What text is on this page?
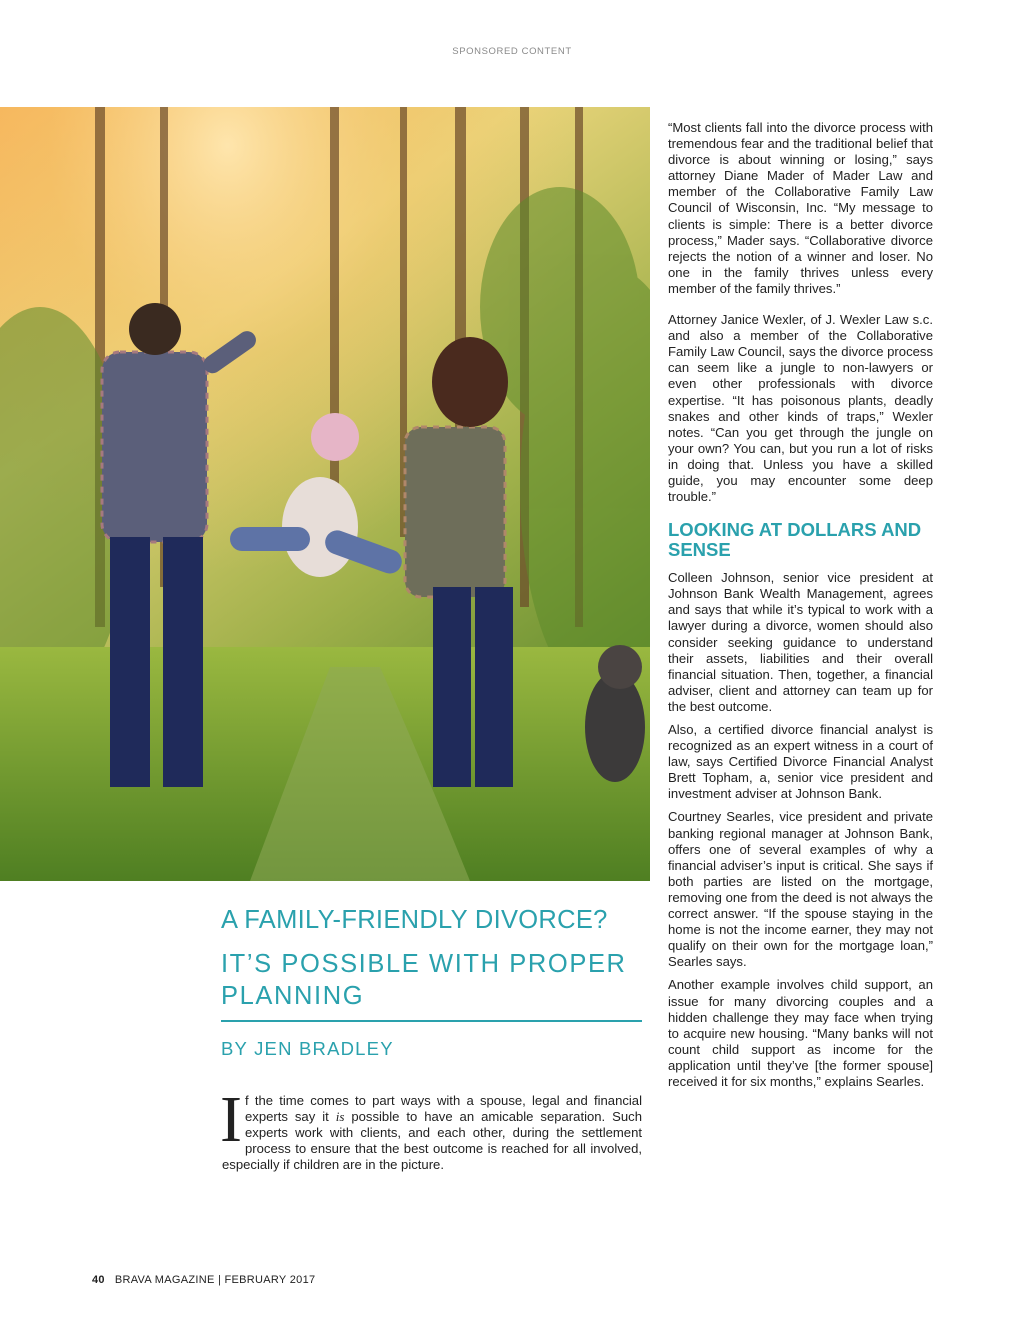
SPONSORED CONTENT

“Most clients fall into the divorce process with tremendous fear and the traditional belief that divorce is about winning or losing,” says attorney Diane Mader of Mader Law and member of the Collaborative Family Law Council of Wisconsin, Inc. “My message to clients is simple: There is a better divorce process,” Mader says. “Collaborative divorce rejects the notion of a winner and loser. No one in the family thrives unless every member of the family thrives.”

Attorney Janice Wexler, of J. Wexler Law s.c. and also a member of the Collaborative Family Law Council, says the divorce process can seem like a jungle to non-lawyers or even other professionals with divorce expertise. “It has poisonous plants, deadly snakes and other kinds of traps,” Wexler notes. “Can you get through the jungle on your own? You can, but you run a lot of risks in doing that. Unless you have a skilled guide, you may encounter some deep trouble.”

LOOKING AT DOLLARS AND SENSE

Colleen Johnson, senior vice president at Johnson Bank Wealth Management, agrees and says that while it’s typical to work with a lawyer during a divorce, women should also consider seeking guidance to understand their assets, liabilities and their overall financial situation. Then, together, a financial adviser, client and attorney can team up for the best outcome.

Also, a certified divorce financial analyst is recognized as an expert witness in a court of law, says Certified Divorce Financial Analyst Brett Topham, a, senior vice president and investment adviser at Johnson Bank.

Courtney Searles, vice president and private banking regional manager at Johnson Bank, offers one of several examples of why a financial adviser’s input is critical. She says if both parties are listed on the mortgage, removing one from the deed is not always the correct answer. “If the spouse staying in the home is not the income earner, they may not qualify on their own for the mortgage loan,” Searles says.

Another example involves child support, an issue for many divorcing couples and a hidden challenge they may face when trying to acquire new housing. “Many banks will not count child support as income for the application until they’ve [the former spouse] received it for six months,” explains Searles.

A FAMILY-FRIENDLY DIVORCE?
IT’S POSSIBLE WITH PROPER PLANNING
BY JEN BRADLEY
If the time comes to part ways with a spouse, legal and financial experts say it is possible to have an amicable separation. Such experts work with clients, and each other, during the settlement process to ensure that the best outcome is reached for all involved, especially if children are in the picture.
40 BRAVA MAGAZINE | FEBRUARY 2017
